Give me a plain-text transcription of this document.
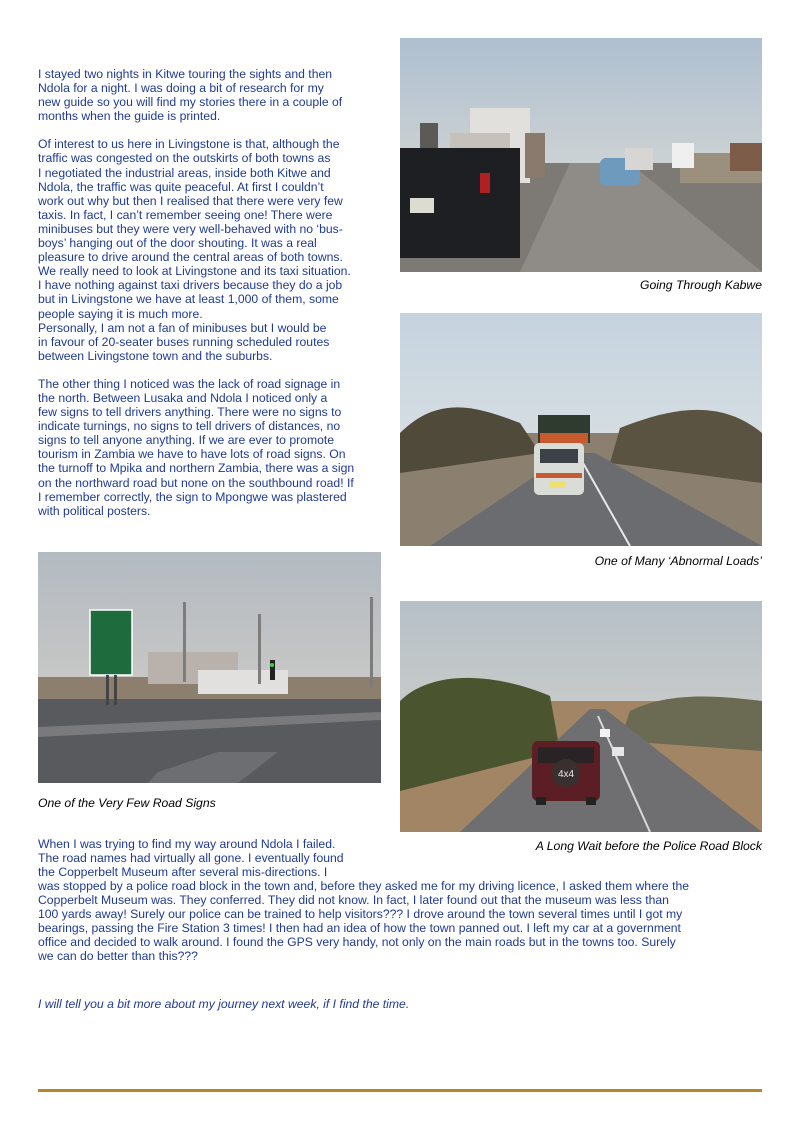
I stayed two nights in Kitwe touring the sights and then

Ndola for a night. I was doing a bit of research for my

new guide so you will find my stories there in a couple of

months when the guide is printed.

Of interest to us here in Livingstone is that, although the

traffic was congested on the outskirts of both towns as

I negotiated the industrial areas, inside both Kitwe and

Ndola, the traffic was quite peaceful. At first I couldn’t

work out why but then I realised that there were very few

taxis. In fact, I can’t remember seeing one! There were

minibuses but they were very well-behaved with no ‘bus-

boys’ hanging out of the door shouting. It was a real

pleasure to drive around the central areas of both towns.

We really need to look at Livingstone and its taxi situation.

I have nothing against taxi drivers because they do a job

but in Livingstone we have at least 1,000 of them, some

people saying it is much more.

Personally, I am not a fan of minibuses but I would be

in favour of 20-seater buses running scheduled routes

between Livingstone town and the suburbs.

The other thing I noticed was the lack of road signage in

the north. Between Lusaka and Ndola I noticed only a

few signs to tell drivers anything. There were no signs to

indicate turnings, no signs to tell drivers of distances, no

signs to tell anyone anything. If we are ever to promote

tourism in Zambia we have to have lots of road signs. On

the turnoff to Mpika and northern Zambia, there was a sign

on the northward road but none on the southbound road! If

I remember correctly, the sign to Mpongwe was plastered

with political posters.

Going Through Kabwe
One of Many ‘Abnormal Loads’
One of the Very Few Road Signs
4x4
A Long Wait before the Police Road Block

When I was trying to find my way around Ndola I failed.

The road names had virtually all gone. I eventually found

the Copperbelt Museum after several mis-directions. I

was stopped by a police road block in the town and, before they asked me for my driving licence, I asked them where the

Copperbelt Museum was. They conferred. They did not know. In fact, I later found out that the museum was less than

100 yards away! Surely our police can be trained to help visitors??? I drove around the town several times until I got my

bearings, passing the Fire Station 3 times! I then had an idea of how the town panned out. I left my car at a government

office and decided to walk around. I found the GPS very handy, not only on the main roads but in the towns too. Surely

we can do better than this???

I will tell you a bit more about my journey next week, if I find the time.
